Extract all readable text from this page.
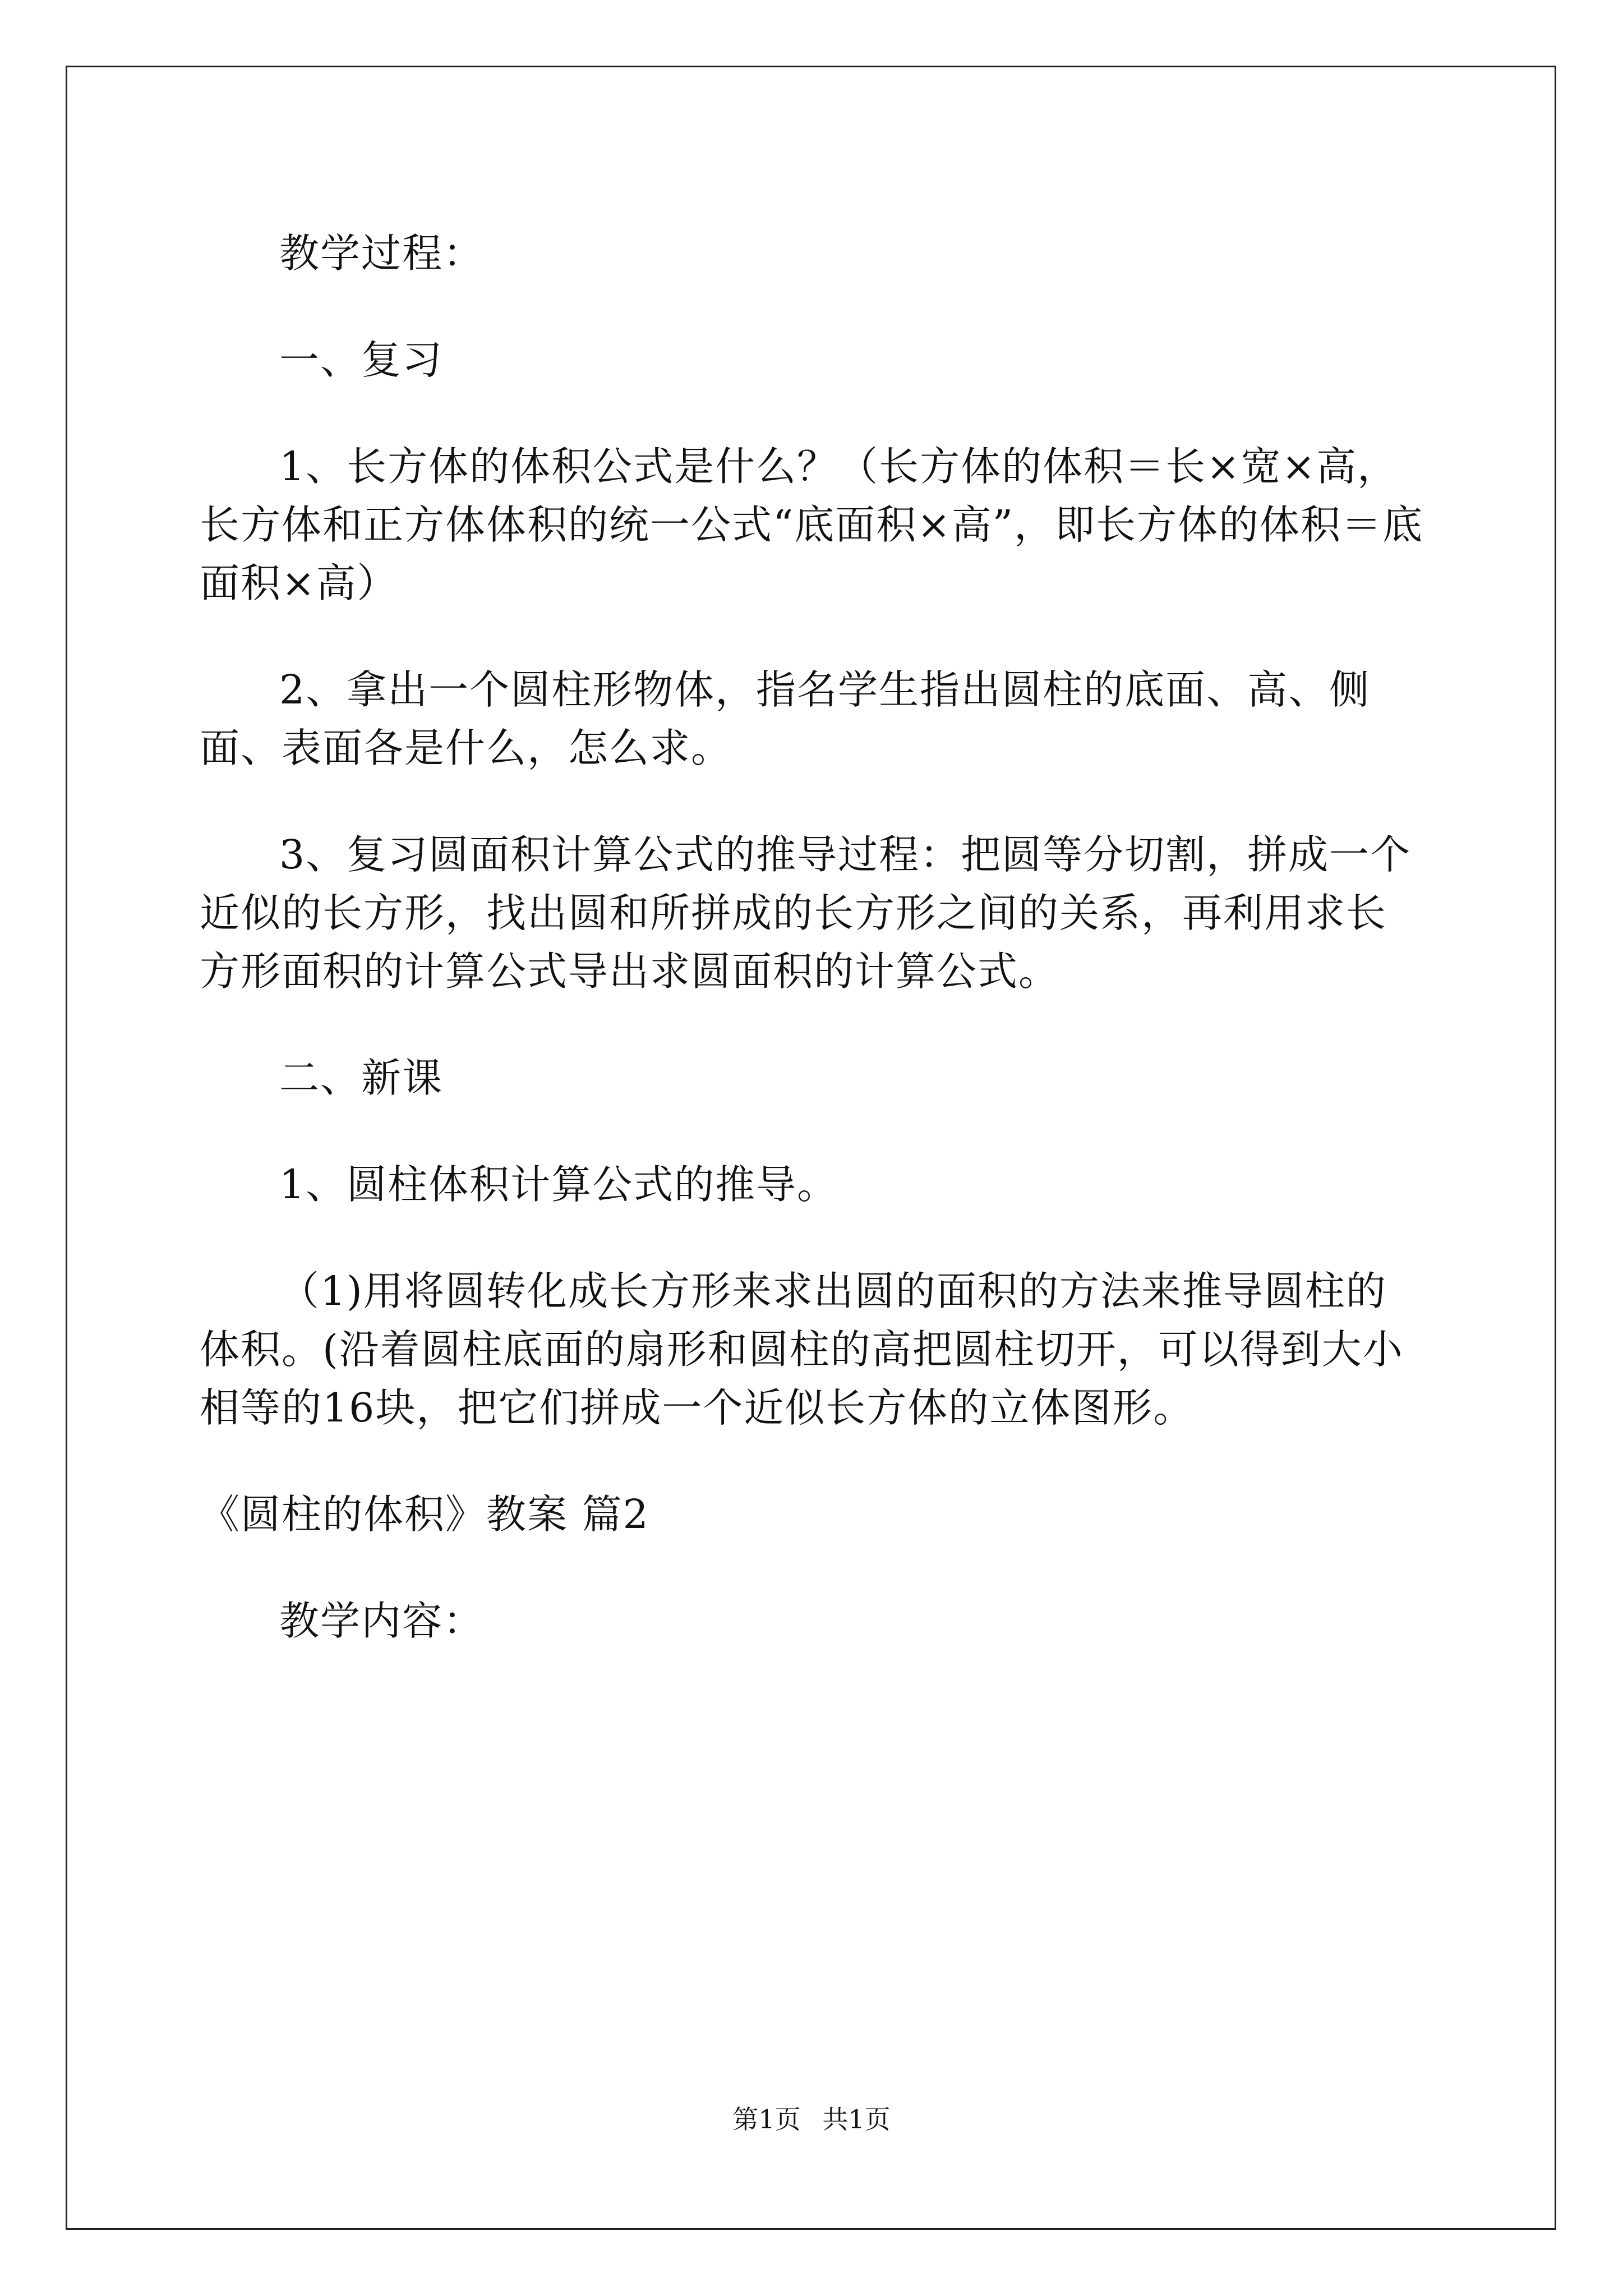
教学过程：

一、复习

1、长方体的体积公式是什么？（长方体的体积＝长×宽×高，长方体和正方体体积的统一公式“底面积×高”，即长方体的体积＝底面积×高）

2、拿出一个圆柱形物体，指名学生指出圆柱的底面、高、侧面、表面各是什么，怎么求。

3、复习圆面积计算公式的推导过程：把圆等分切割，拼成一个近似的长方形，找出圆和所拼成的长方形之间的关系，再利用求长方形面积的计算公式导出求圆面积的计算公式。

二、新课

1、圆柱体积计算公式的推导。

（1)用将圆转化成长方形来求出圆的面积的方法来推导圆柱的体积。(沿着圆柱底面的扇形和圆柱的高把圆柱切开，可以得到大小相等的16块，把它们拼成一个近似长方体的立体图形。

《圆柱的体积》教案 篇2

教学内容：

第1页 共1页
